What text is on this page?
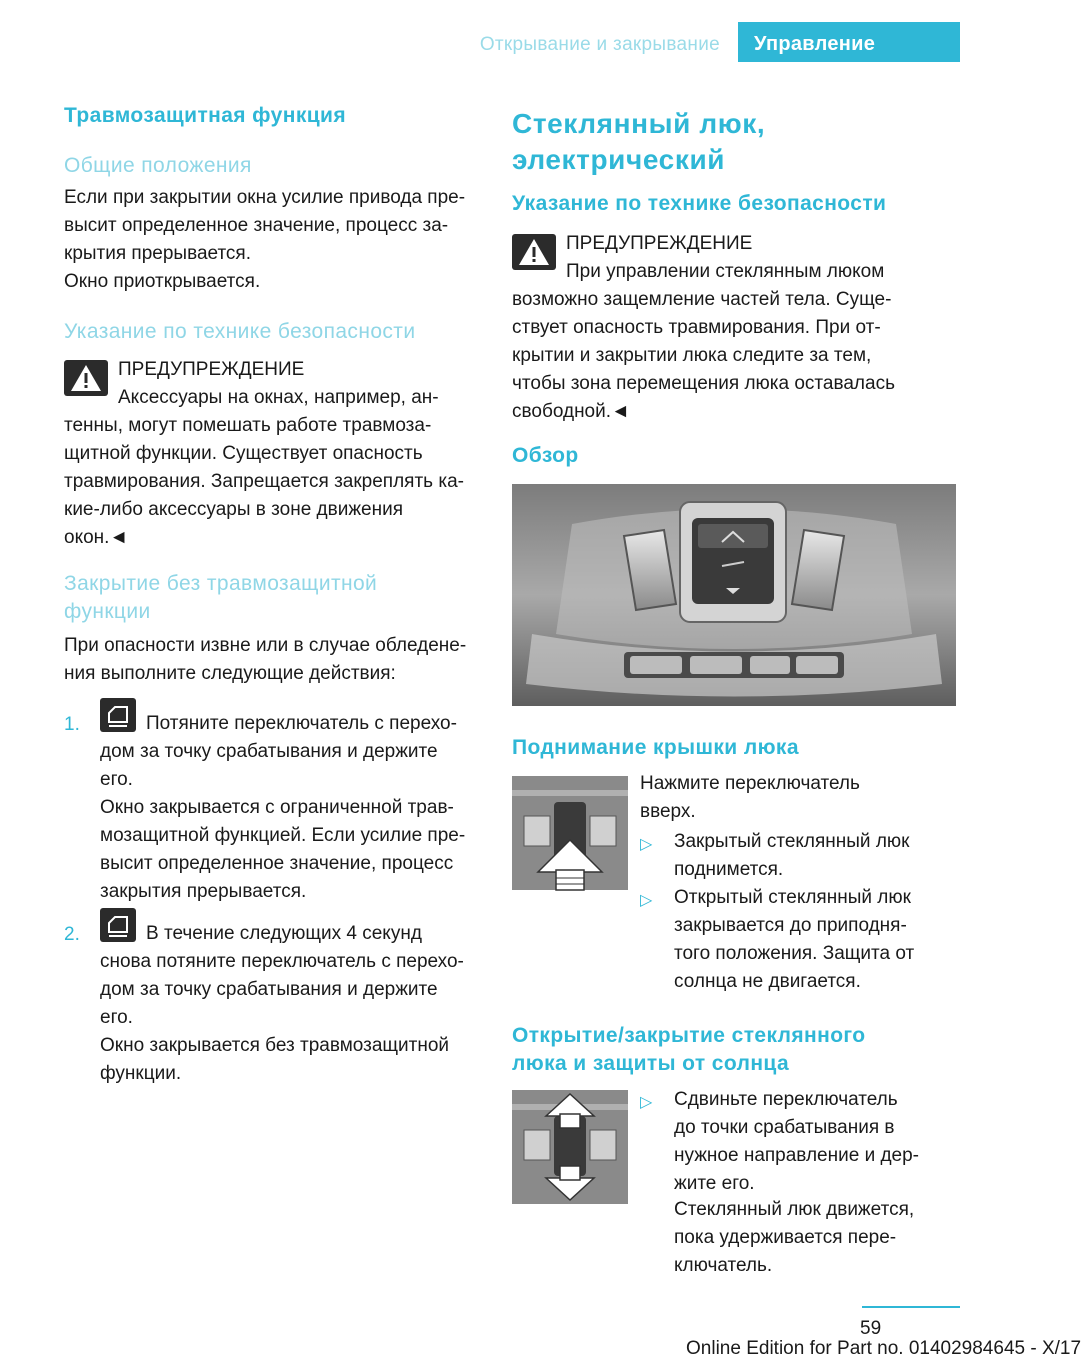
Открывание и закрывание	Управление
Травмозащитная функция
Общие положения
Если при закрытии окна усилие привода пре-
высит определенное значение, процесс за-
крытия прерывается.
Окно приоткрывается.
Указание по технике безопасности
ПРЕДУПРЕЖДЕНИЕ
Аксессуары на окнах, например, ан-
тенны, могут помешать работе травмоза-
щитной функции. Существует опасность
травмирования. Запрещается закреплять ка-
кие-либо аксессуары в зоне движения
окон.◄
Закрытие без травмозащитной
функции
При опасности извне или в случае обледене-
ния выполните следующие действия:
1.	Потяните переключатель с перехо-
дом за точку срабатывания и держите
его.
Окно закрывается с ограниченной трав-
мозащитной функцией. Если усилие пре-
высит определенное значение, процесс
закрытия прерывается.
2.	В течение следующих 4 секунд
снова потяните переключатель с перехо-
дом за точку срабатывания и держите
его.
Окно закрывается без травмозащитной
функции.
Стеклянный люк,
электрический
Указание по технике безопасности
ПРЕДУПРЕЖДЕНИЕ
При управлении стеклянным люком
возможно защемление частей тела. Суще-
ствует опасность травмирования. При от-
крытии и закрытии люка следите за тем,
чтобы зона перемещения люка оставалась
свободной.◄
Обзор
Поднимание крышки люка
Нажмите переключатель
вверх.
▷ Закрытый стеклянный люк
поднимется.
▷ Открытый стеклянный люк
закрывается до приподня-
того положения. Защита от
солнца не двигается.
Открытие/закрытие стеклянного
люка и защиты от солнца
▷ Сдвиньте переключатель
до точки срабатывания в
нужное направление и дер-
жите его.
Стеклянный люк движется,
пока удерживается пере-
ключатель.
59
Online Edition for Part no. 01402984645 - X/17
